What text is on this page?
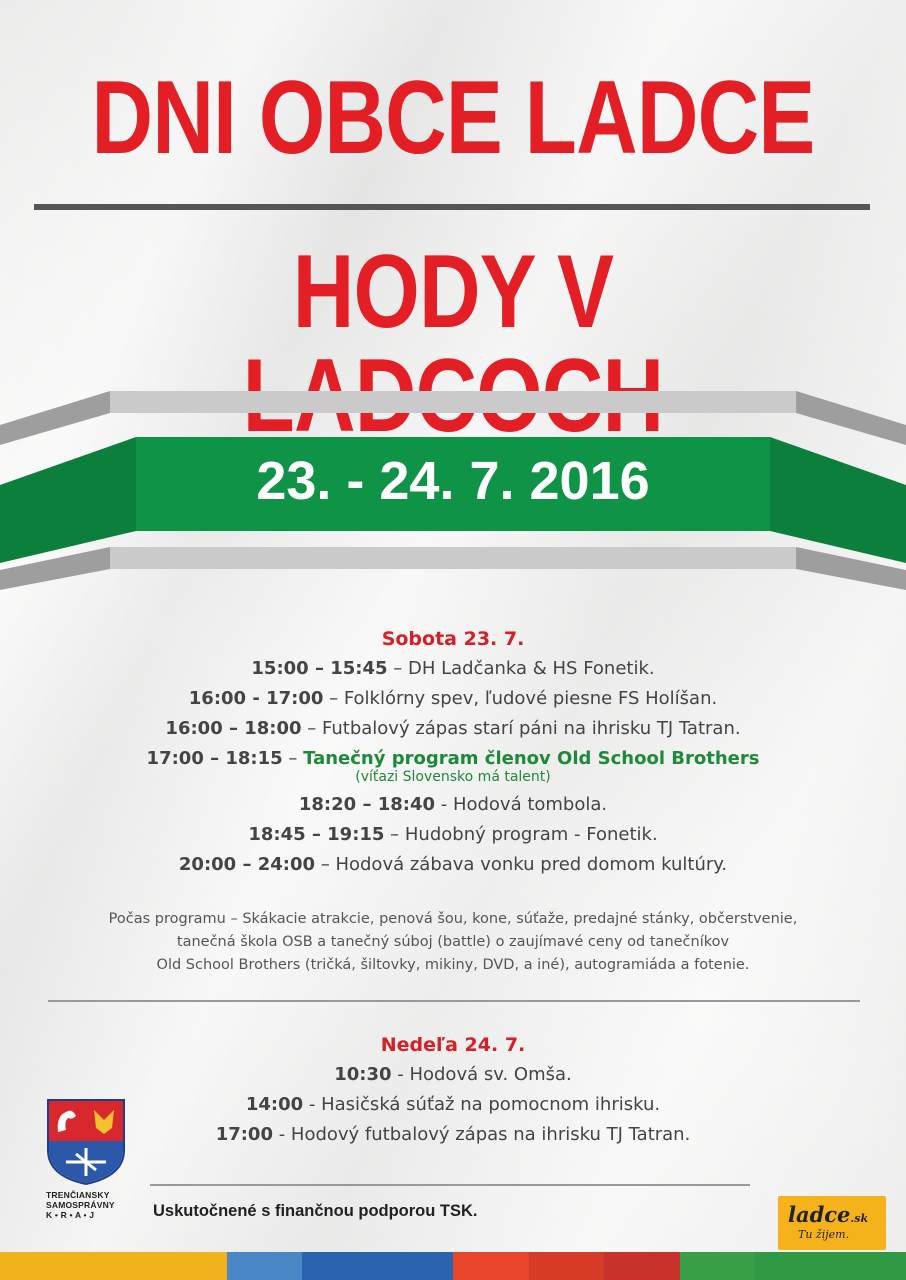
DNI OBCE LADCE
HODY V
23. - 24. 7. 2016
Sobota 23. 7.
15:00 – 15:45 – DH Ladčanka & HS Fonetik.
16:00 - 17:00 – Folklórny spev, ľudové piesne FS Holíšan.
16:00 – 18:00 – Futbalový zápas starí páni na ihrisku TJ Tatran.
17:00 – 18:15 – Tanečný program členov Old School Brothers
(víťazi Slovensko má talent)
18:20 – 18:40 - Hodová tombola.
18:45 – 19:15 – Hudobný program - Fonetik.
20:00 – 24:00 – Hodová zábava vonku pred domom kultúry.
Počas programu – Skákacie atrakcie, penová šou, kone, súťaže, predajné stánky, občerstvenie,
tanečná škola OSB a tanečný súboj (battle) o zaujímavé ceny od tanečníkov
Old School Brothers (tričká, šiltovky, mikiny, DVD, a iné), autogramiáda a fotenie.
Nedeľa 24. 7.
10:30 - Hodová sv. Omša.
14:00 - Hasičská súťaž na pomocnom ihrisku.
17:00 - Hodový futbalový zápas na ihrisku TJ Tatran.
TRENČIANSKY
SAMOSPRÁVNY
K • R • A • J	Uskutočnené s finančnou podporou TSK.	ladce.sk
Tu žijem.
